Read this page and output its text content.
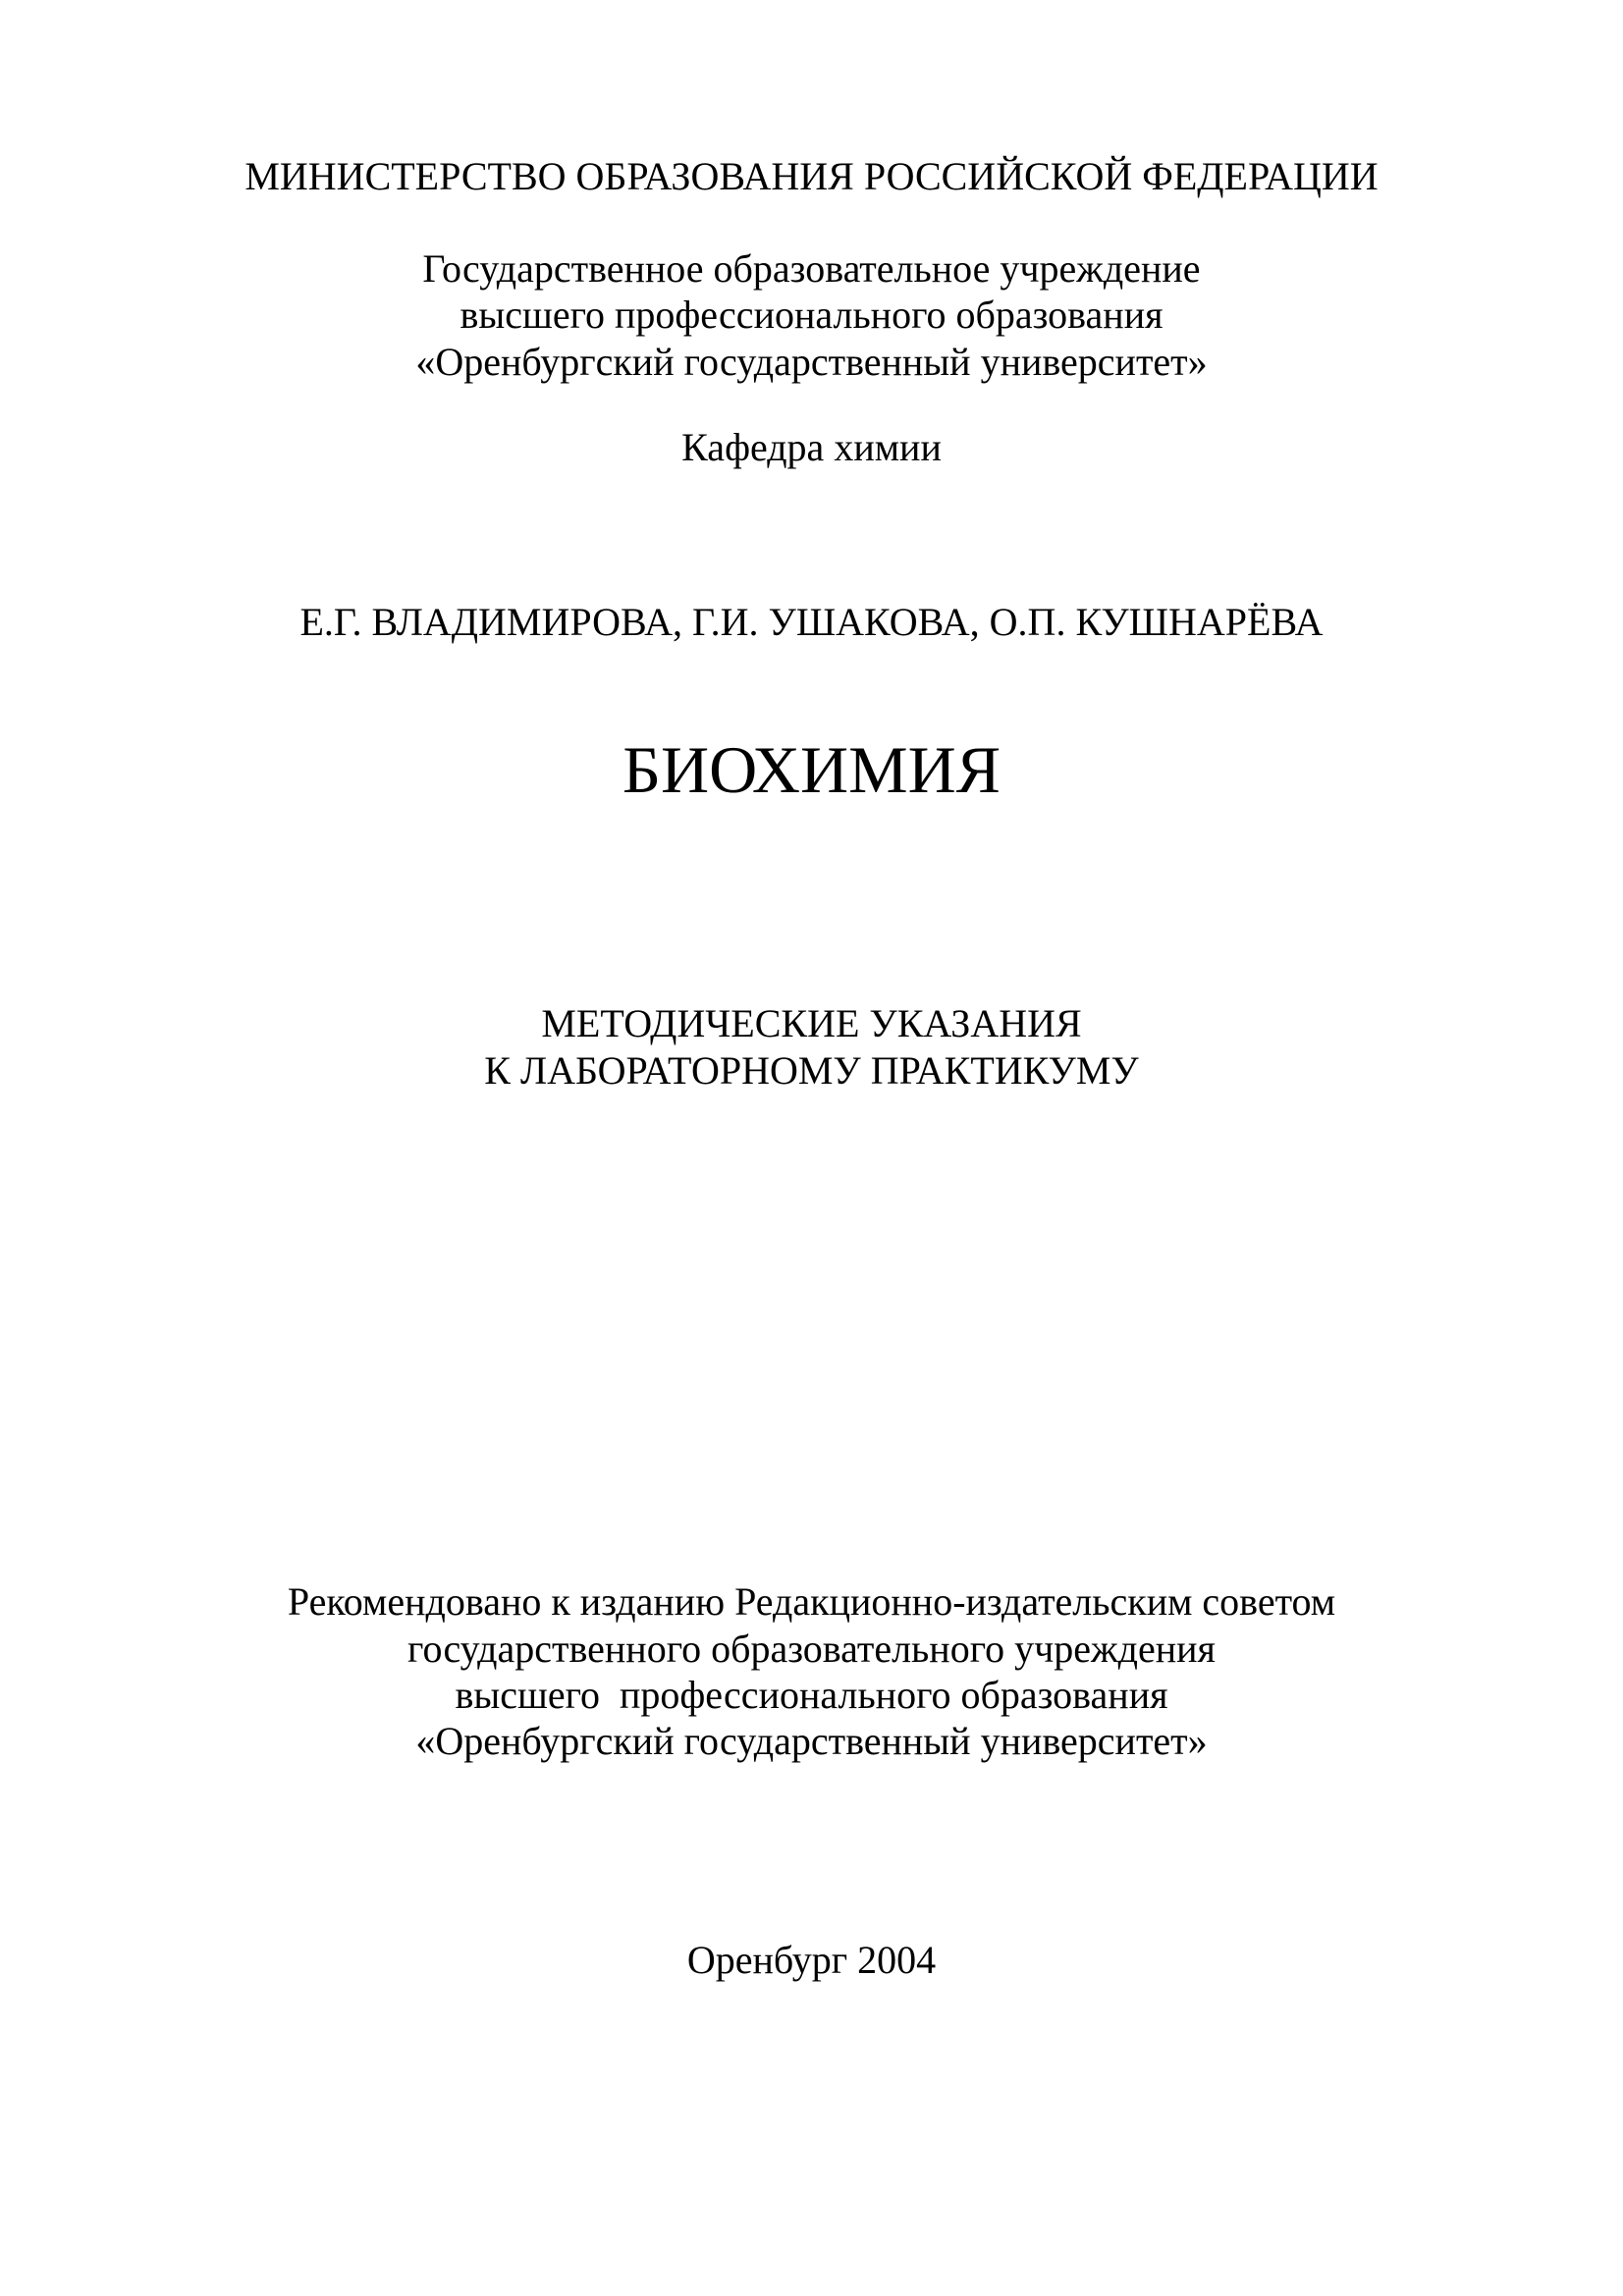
МИНИСТЕРСТВО ОБРАЗОВАНИЯ РОССИЙСКОЙ ФЕДЕРАЦИИ
Государственное образовательное учреждение
высшего профессионального образования
«Оренбургский государственный университет»
Кафедра химии
Е.Г. ВЛАДИМИРОВА, Г.И. УШАКОВА, О.П. КУШНАРЁВА
БИОХИМИЯ
МЕТОДИЧЕСКИЕ УКАЗАНИЯ
К ЛАБОРАТОРНОМУ ПРАКТИКУМУ
Рекомендовано к изданию Редакционно-издательским советом
государственного образовательного учреждения
высшего  профессионального образования
«Оренбургский государственный университет»
Оренбург 2004
